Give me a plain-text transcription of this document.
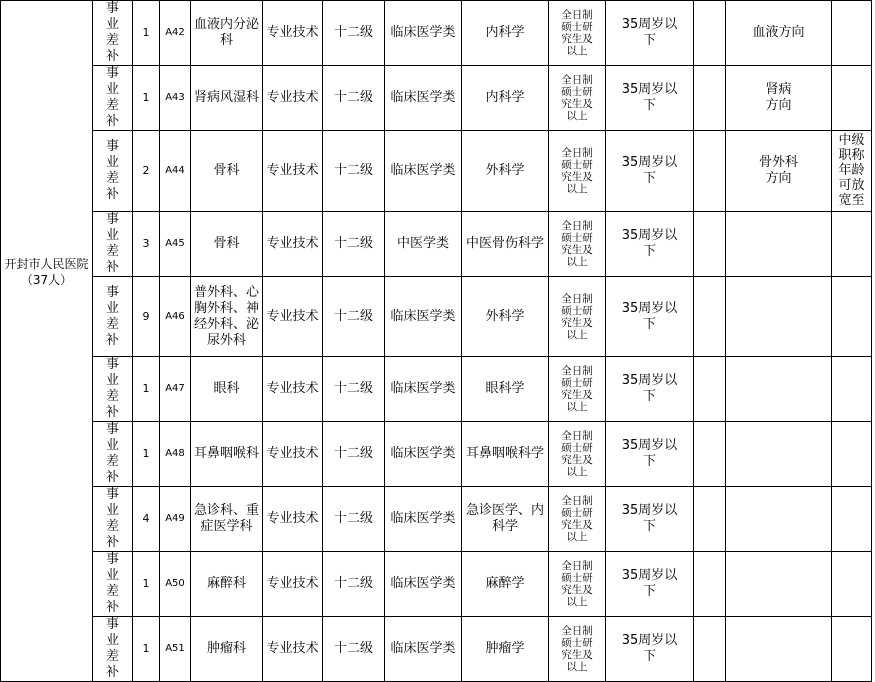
开封市人民医院（37人）	事业差补	1	A42	血液内分泌科	专业技术	十二级	临床医学类	内科学	全日制硕士研究生及以上	35周岁以下		血液方向	
	事业差补	1	A43	肾病风湿科	专业技术	十二级	临床医学类	内科学	全日制硕士研究生及以上	35周岁以下		肾病方向	
	事业差补	2	A44	骨科	专业技术	十二级	临床医学类	外科学	全日制硕士研究生及以上	35周岁以下		骨外科方向	中级职称年龄可放宽至
	事业差补	3	A45	骨科	专业技术	十二级	中医学类	中医骨伤科学	全日制硕士研究生及以上	35周岁以下			
	事业差补	9	A46	普外科、心胸外科、神经外科、泌尿外科	专业技术	十二级	临床医学类	外科学	全日制硕士研究生及以上	35周岁以下			
	事业差补	1	A47	眼科	专业技术	十二级	临床医学类	眼科学	全日制硕士研究生及以上	35周岁以下			
	事业差补	1	A48	耳鼻咽喉科	专业技术	十二级	临床医学类	耳鼻咽喉科学	全日制硕士研究生及以上	35周岁以下			
	事业差补	4	A49	急诊科、重症医学科	专业技术	十二级	临床医学类	急诊医学、内科学	全日制硕士研究生及以上	35周岁以下			
	事业差补	1	A50	麻醉科	专业技术	十二级	临床医学类	麻醉学	全日制硕士研究生及以上	35周岁以下			
	事业差补	1	A51	肿瘤科	专业技术	十二级	临床医学类	肿瘤学	全日制硕士研究生及以上	35周岁以下			
